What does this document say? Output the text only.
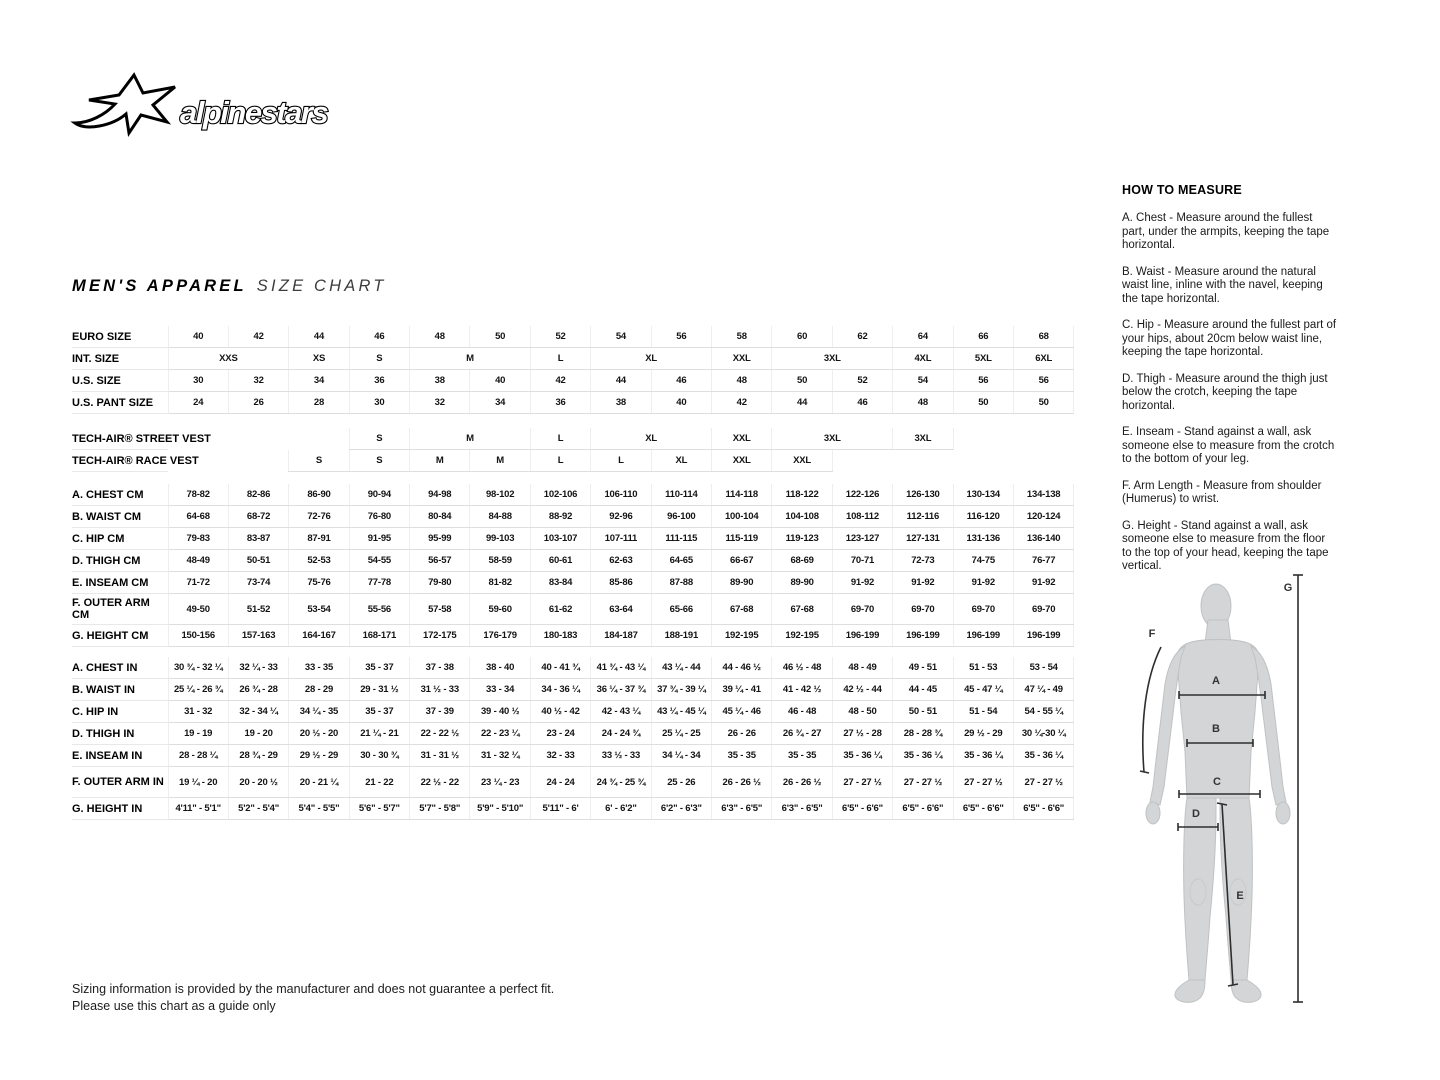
alpinestars
MEN'S APPAREL SIZE CHART
EURO SIZE	40	42	44	46	48	50	52	54	56	58	60	62	64	66	68
INT. SIZE	XXS		XS	S	M		L	XL		XXL	3XL		4XL	5XL	6XL
U.S. SIZE	30	32	34	36	38	40	42	44	46	48	50	52	54	56	56
U.S. PANT SIZE	24	26	28	30	32	34	36	38	40	42	44	46	48	50	50

TECH-AIR® STREET VEST				S	M		L	XL		XXL	3XL		3XL		
TECH-AIR® RACE VEST			S	S	M	M	L	L	XL	XXL	XXL				

A. CHEST CM	78-82	82-86	86-90	90-94	94-98	98-102	102-106	106-110	110-114	114-118	118-122	122-126	126-130	130-134	134-138
B. WAIST CM	64-68	68-72	72-76	76-80	80-84	84-88	88-92	92-96	96-100	100-104	104-108	108-112	112-116	116-120	120-124
C. HIP CM	79-83	83-87	87-91	91-95	95-99	99-103	103-107	107-111	111-115	115-119	119-123	123-127	127-131	131-136	136-140
D. THIGH CM	48-49	50-51	52-53	54-55	56-57	58-59	60-61	62-63	64-65	66-67	68-69	70-71	72-73	74-75	76-77
E. INSEAM CM	71-72	73-74	75-76	77-78	79-80	81-82	83-84	85-86	87-88	89-90	89-90	91-92	91-92	91-92	91-92
F. OUTER ARM CM	49-50	51-52	53-54	55-56	57-58	59-60	61-62	63-64	65-66	67-68	67-68	69-70	69-70	69-70	69-70
G. HEIGHT CM	150-156	157-163	164-167	168-171	172-175	176-179	180-183	184-187	188-191	192-195	192-195	196-199	196-199	196-199	196-199

A. CHEST IN	30 ¾ - 32 ¼	32 ¼ - 33	33 - 35	35 - 37	37 - 38	38 - 40	40 - 41 ¾	41 ¾ - 43 ¼	43 ¼ - 44	44 - 46 ½	46 ½ - 48	48 - 49	49 - 51	51 - 53	53 - 54
B. WAIST IN	25 ¼ - 26 ¾	26 ¾ - 28	28 - 29	29 - 31 ½	31 ½ - 33	33 - 34	34 - 36 ¼	36 ¼ - 37 ¾	37 ¾ - 39 ¼	39 ¼ - 41	41 - 42 ½	42 ½ - 44	44 - 45	45 - 47 ¼	47 ¼ - 49
C. HIP IN	31 - 32	32 - 34 ¼	34 ¼ - 35	35 - 37	37 - 39	39 - 40 ½	40 ½ - 42	42 - 43 ¼	43 ¼ - 45 ¼	45 ¼ - 46	46 - 48	48 - 50	50 - 51	51 - 54	54 - 55 ¼
D. THIGH IN	19 - 19	19 - 20	20 ½ - 20	21 ¼ - 21	22 - 22 ½	22 - 23 ¼	23 - 24	24 - 24 ¾	25 ¼ - 25	26 - 26	26 ¾ - 27	27 ½ - 28	28 - 28 ¾	29 ½ - 29	30 ¼-30 ¼
E. INSEAM IN	28 - 28 ¼	28 ¾ - 29	29 ½ - 29	30 - 30 ¾	31 - 31 ½	31 - 32 ¼	32 - 33	33 ½ - 33	34 ¼ - 34	35 - 35	35 - 35	35 - 36 ¼	35 - 36 ¼	35 - 36 ¼	35 - 36 ¼
F. OUTER ARM IN	19 ¼ - 20	20 - 20 ½	20 - 21 ¼	21 - 22	22 ½ - 22	23 ¼ - 23	24 - 24	24 ¾ - 25 ¾	25 - 26	26 - 26 ½	26 - 26 ½	27 - 27 ½	27 - 27 ½	27 - 27 ½	27 - 27 ½
G. HEIGHT IN	4'11" - 5'1"	5'2" - 5'4"	5'4" - 5'5"	5'6" - 5'7"	5'7" - 5'8"	5'9" - 5'10"	5'11" - 6'	6' - 6'2"	6'2" - 6'3"	6'3" - 6'5"	6'3" - 6'5"	6'5" - 6'6"	6'5" - 6'6"	6'5" - 6'6"	6'5" - 6'6"
HOW TO MEASURE

A. Chest - Measure around the fullest part, under the armpits, keeping the tape horizontal.

B. Waist - Measure around the natural waist line, inline with the navel, keeping the tape horizontal.

C. Hip - Measure around the fullest part of your hips, about 20cm below waist line, keeping the tape horizontal.

D. Thigh - Measure around the thigh just below the crotch, keeping the tape horizontal.

E. Inseam - Stand against a wall, ask someone else to measure from the crotch to the bottom of your leg.

F. Arm Length - Measure from shoulder (Humerus) to wrist.

G. Height - Stand against a wall, ask someone else to measure from the floor to the top of your head, keeping the tape vertical.

A
B
C
D
E
F
G
Sizing information is provided by the manufacturer and does not guarantee a perfect fit.
Please use this chart as a guide only
